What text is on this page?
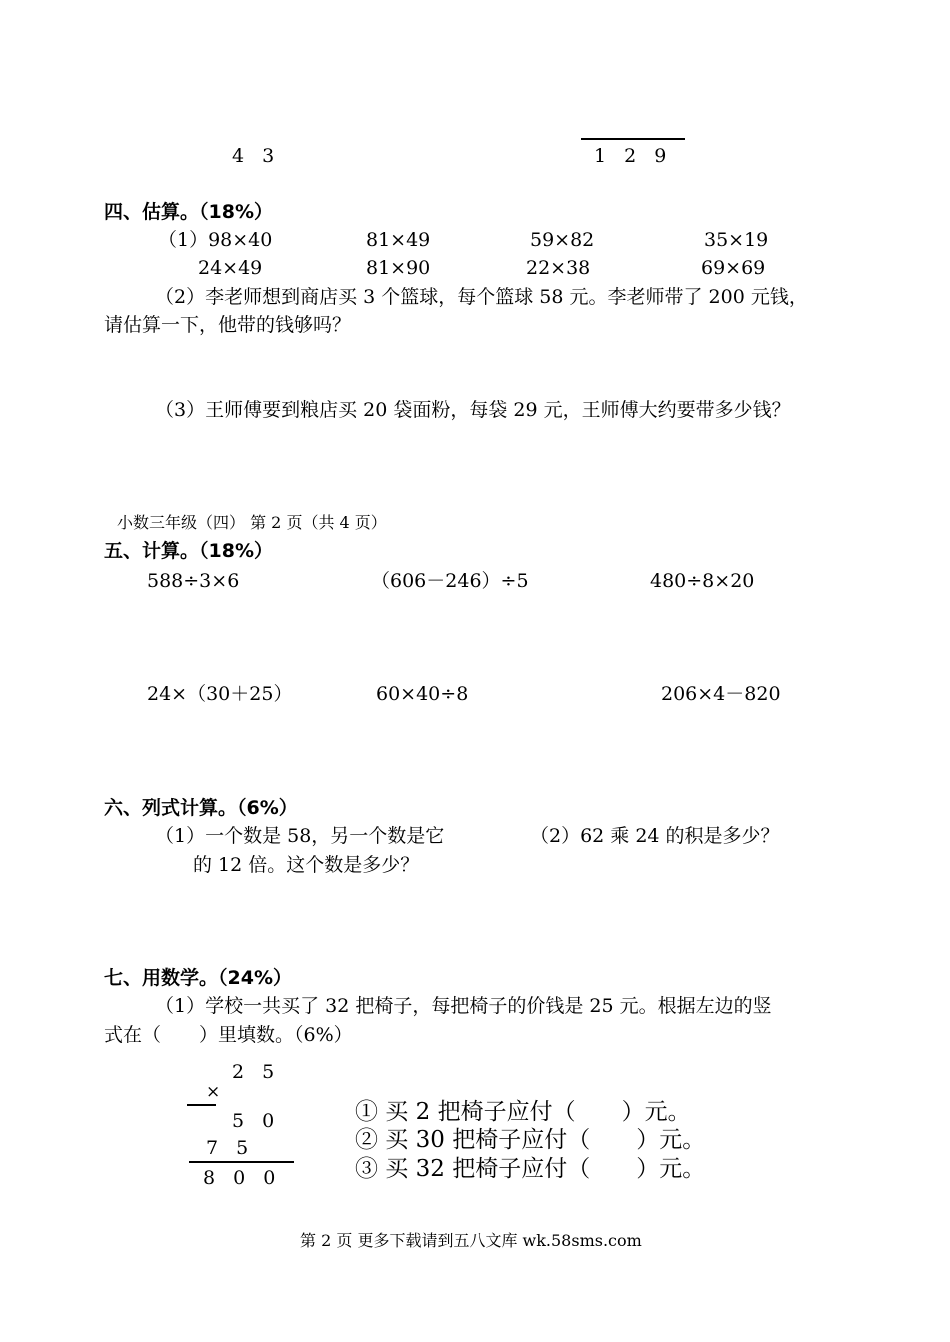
4 3	1 2 9
四、估算。（18%）
（1）98×40	81×49	59×82	35×19
24×49	81×90	22×38	69×69
（2）李老师想到商店买 3 个篮球，每个篮球 58 元。李老师带了 200 元钱，
请估算一下，他带的钱够吗？
（3）王师傅要到粮店买 20 袋面粉，每袋 29 元，王师傅大约要带多少钱？
小数三年级（四） 第 2 页（共 4 页）
五、计算。（18%）
588÷3×6	（606－246）÷5	480÷8×20
24×（30＋25）	60×40÷8	206×4－820
六、列式计算。（6%）
（1）一个数是 58，另一个数是它
的 12 倍。这个数是多少？
（2）62 乘 24 的积是多少？
七、用数学。（24%）
（1）学校一共买了 32 把椅子，每把椅子的价钱是 25 元。根据左边的竖
式在（　　）里填数。（6%）
2 5
×
5 0
7 5
8 0 0
① 买 2 把椅子应付（　　）元。
② 买 30 把椅子应付（　　）元。
③ 买 32 把椅子应付（　　）元。
第 2 页 更多下载请到五八文库 wk.58sms.com
